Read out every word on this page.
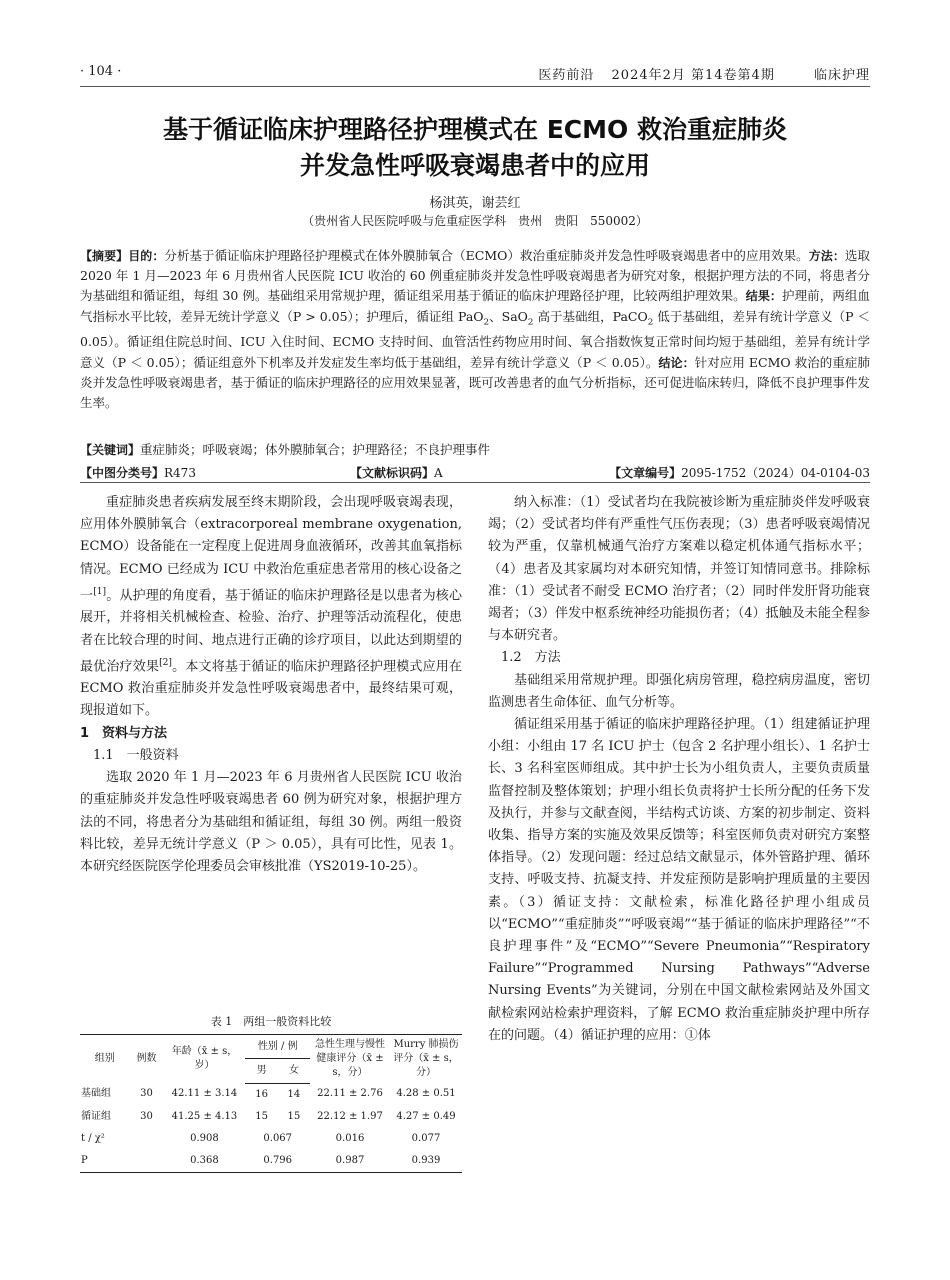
· 104 ·	医药前沿 2024年2月 第14卷第4期	临床护理
基于循证临床护理路径护理模式在 ECMO 救治重症肺炎
并发急性呼吸衰竭患者中的应用
杨淇英，谢芸红
（贵州省人民医院呼吸与危重症医学科　贵州　贵阳　550002）
【摘要】目的：分析基于循证临床护理路径护理模式在体外膜肺氧合（ECMO）救治重症肺炎并发急性呼吸衰竭患者中的应用效果。方法：选取 2020 年 1 月—2023 年 6 月贵州省人民医院 ICU 收治的 60 例重症肺炎并发急性呼吸衰竭患者为研究对象，根据护理方法的不同，将患者分为基础组和循证组，每组 30 例。基础组采用常规护理，循证组采用基于循证的临床护理路径护理，比较两组护理效果。结果：护理前，两组血气指标水平比较，差异无统计学意义（P > 0.05）；护理后，循证组 PaO$_2$、SaO$_2$ 高于基础组，PaCO$_2$ 低于基础组，差异有统计学意义（P ＜ 0.05）。循证组住院总时间、ICU 入住时间、ECMO 支持时间、血管活性药物应用时间、氧合指数恢复正常时间均短于基础组，差异有统计学意义（P ＜ 0.05）；循证组意外下机率及并发症发生率均低于基础组，差异有统计学意义（P ＜ 0.05）。结论：针对应用 ECMO 救治的重症肺炎并发急性呼吸衰竭患者，基于循证的临床护理路径的应用效果显著，既可改善患者的血气分析指标，还可促进临床转归，降低不良护理事件发生率。
【关键词】重症肺炎；呼吸衰竭；体外膜肺氧合；护理路径；不良护理事件
【中图分类号】R473	【文献标识码】A	【文章编号】2095-1752（2024）04-0104-03

重症肺炎患者疾病发展至终末期阶段，会出现呼吸衰竭表现，应用体外膜肺氧合（extracorporeal membrane oxygenation, ECMO）设备能在一定程度上促进周身血液循环，改善其血氧指标情况。ECMO 已经成为 ICU 中救治危重症患者常用的核心设备之一[1]。从护理的角度看，基于循证的临床护理路径是以患者为核心展开，并将相关机械检查、检验、治疗、护理等活动流程化，使患者在比较合理的时间、地点进行正确的诊疗项目，以此达到期望的最优治疗效果[2]。本文将基于循证的临床护理路径护理模式应用在 ECMO 救治重症肺炎并发急性呼吸衰竭患者中，最终结果可观，现报道如下。

1　资料与方法

1.1　一般资料

选取 2020 年 1 月—2023 年 6 月贵州省人民医院 ICU 收治的重症肺炎并发急性呼吸衰竭患者 60 例为研究对象，根据护理方法的不同，将患者分为基础组和循证组，每组 30 例。两组一般资料比较，差异无统计学意义（P ＞ 0.05），具有可比性，见表 1。本研究经医院医学伦理委员会审核批准（YS2019-10-25）。

表 1　两组一般资料比较
组别	例数	年龄（x̄ ± s，岁）	性别 / 例		急性生理与慢性健康评分（x̄ ± s，分）	Murry 肺损伤评分（x̄ ± s，分）
			男	女		
基础组	30	42.11 ± 3.14	16	14	22.11 ± 2.76	4.28 ± 0.51
循证组	30	41.25 ± 4.13	15	15	22.12 ± 1.97	4.27 ± 0.49
t / χ²		0.908	0.067		0.016	0.077
P		0.368	0.796		0.987	0.939

纳入标准：（1）受试者均在我院被诊断为重症肺炎伴发呼吸衰竭；（2）受试者均伴有严重性气压伤表现；（3）患者呼吸衰竭情况较为严重，仅靠机械通气治疗方案难以稳定机体通气指标水平；（4）患者及其家属均对本研究知情，并签订知情同意书。排除标准：（1）受试者不耐受 ECMO 治疗者；（2）同时伴发肝肾功能衰竭者；（3）伴发中枢系统神经功能损伤者；（4）抵触及未能全程参与本研究者。

1.2　方法

基础组采用常规护理。即强化病房管理，稳控病房温度，密切监测患者生命体征、血气分析等。

循证组采用基于循证的临床护理路径护理。（1）组建循证护理小组：小组由 17 名 ICU 护士（包含 2 名护理小组长）、1 名护士长、3 名科室医师组成。其中护士长为小组负责人，主要负责质量监督控制及整体策划；护理小组长负责将护士长所分配的任务下发及执行，并参与文献查阅，半结构式访谈、方案的初步制定、资料收集、指导方案的实施及效果反馈等；科室医师负责对研究方案整体指导。（2）发现问题：经过总结文献显示，体外管路护理、循环支持、呼吸支持、抗凝支持、并发症预防是影响护理质量的主要因素。（3）循证支持：文献检索，标准化路径护理小组成员以“ECMO”“重症肺炎”“呼吸衰竭”“基于循证的临床护理路径”“不良护理事件”及“ECMO”“Severe Pneumonia”“Respiratory Failure”“Programmed Nursing Pathways”“Adverse Nursing Events”为关键词，分别在中国文献检索网站及外国文献检索网站检索护理资料，了解 ECMO 救治重症肺炎护理中所存在的问题。（4）循证护理的应用：①体
